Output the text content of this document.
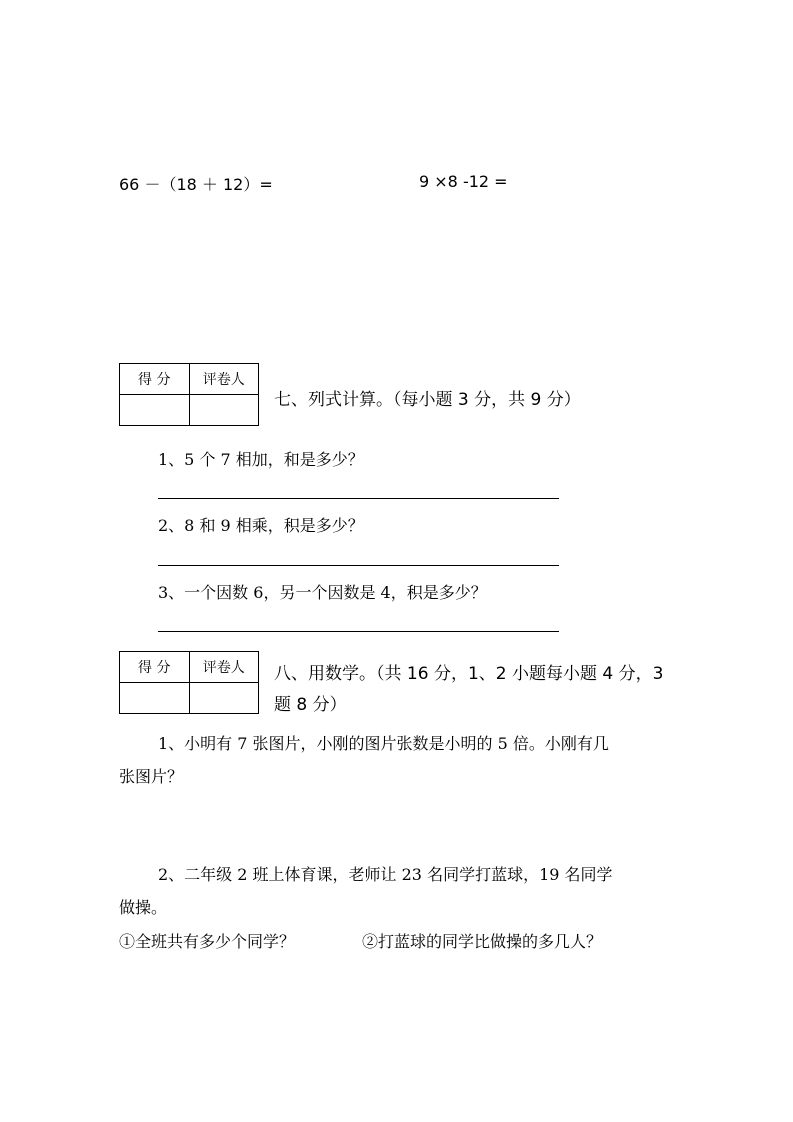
66 －（18 ＋ 12）=	9 ×8 -12 =
得 分	评卷人

七、列式计算。（每小题 3 分，共 9 分）
1、5 个 7 相加，和是多少？
2、8 和 9 相乘，积是多少？
3、一个因数 6，另一个因数是 4，积是多少？
得 分	评卷人
	八、用数学。（共 16 分，1、2 小题每小题 4 分，3
题 8 分）
1、小明有 7 张图片，小刚的图片张数是小明的 5 倍。小刚有几
张图片？
2、二年级 2 班上体育课，老师让 23 名同学打蓝球，19 名同学
做操。
①全班共有多少个同学？	②打蓝球的同学比做操的多几人？
